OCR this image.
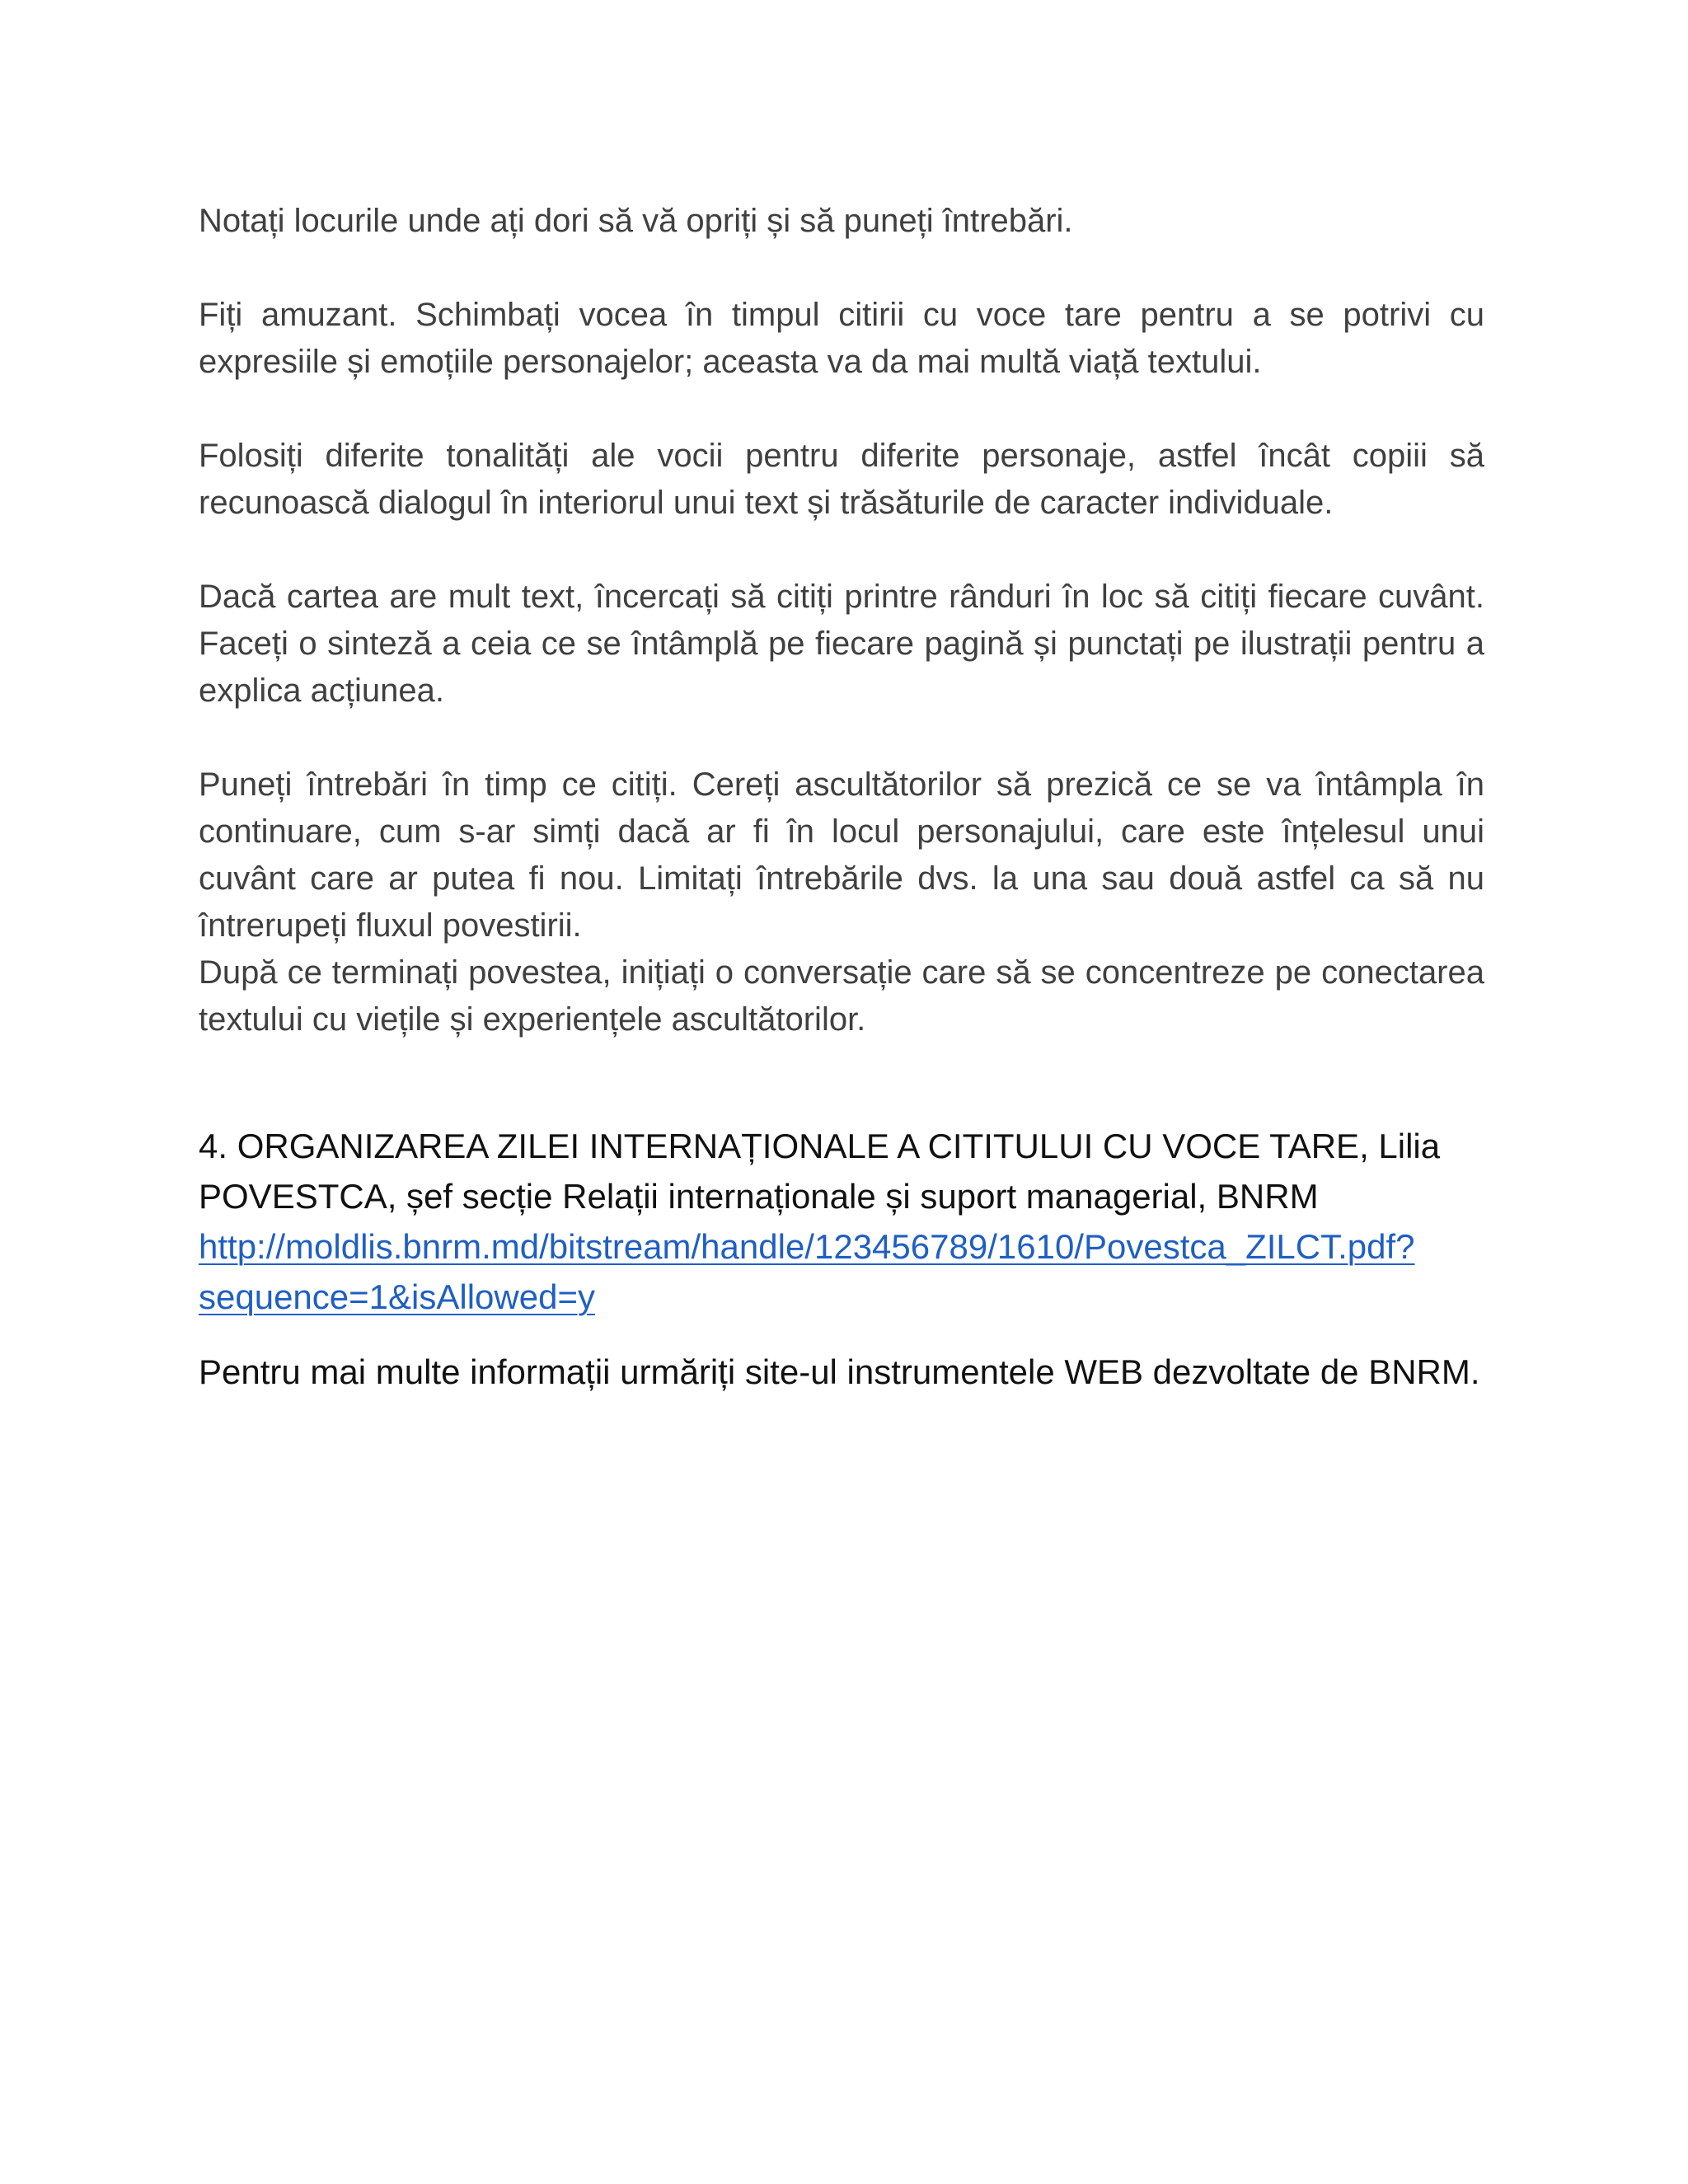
Notați locurile unde ați dori să vă opriți și să puneți întrebări.

Fiți amuzant. Schimbați vocea în timpul citirii cu voce tare pentru a se potrivi cu expresiile și emoțiile personajelor; aceasta va da mai multă viață textului.

Folosiți diferite tonalități ale vocii pentru diferite personaje, astfel încât copiii să recunoască dialogul în interiorul unui text și trăsăturile de caracter individuale.

Dacă cartea are mult text, încercați să citiți printre rânduri în loc să citiți fiecare cuvânt. Faceți o sinteză a ceia ce se întâmplă pe fiecare pagină și punctați pe ilustrații pentru a explica acțiunea.

Puneți întrebări în timp ce citiți. Cereți ascultătorilor să prezică ce se va întâmpla în continuare, cum s-ar simți dacă ar fi în locul personajului, care este înțelesul unui cuvânt care ar putea fi nou. Limitați întrebările dvs. la una sau două astfel ca să nu întrerupeți fluxul povestirii.

După ce terminați povestea, inițiați o conversație care să se concentreze pe conectarea textului cu viețile și experiențele ascultătorilor.

4. ORGANIZAREA ZILEI INTERNAȚIONALE A CITITULUI CU VOCE TARE, Lilia
POVESTCA, șef secție Relații internaționale și suport managerial, BNRM
http://moldlis.bnrm.md/bitstream/handle/123456789/1610/Povestca_ZILCT.pdf?
sequence=1&isAllowed=y

Pentru mai multe informații urmăriți site-ul instrumentele WEB dezvoltate de BNRM.
